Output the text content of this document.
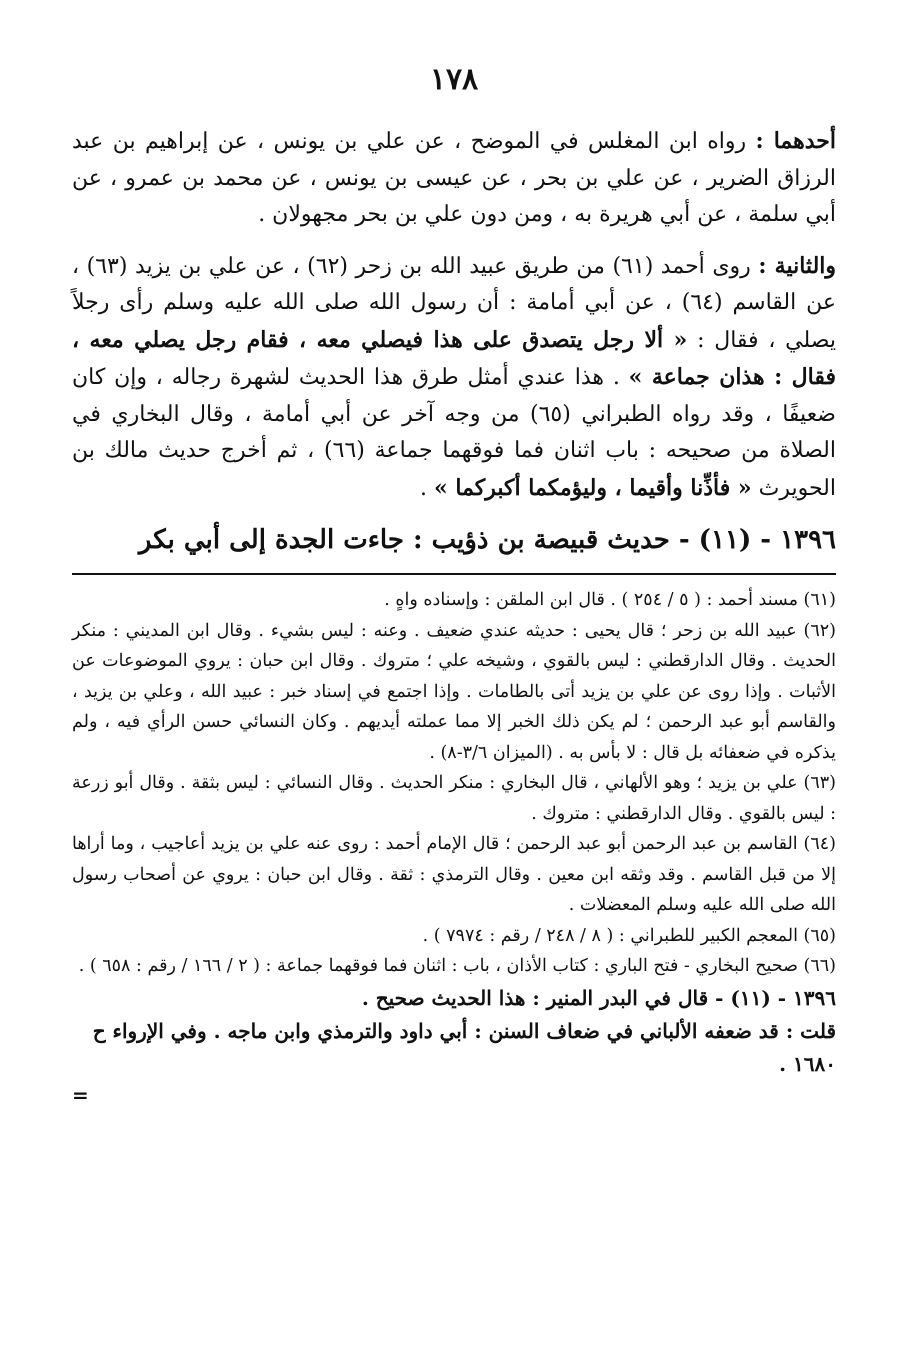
١٧٨

أحدهما : رواه ابن المغلس في الموضح ، عن علي بن يونس ، عن إبراهيم بن عبد الرزاق الضرير ، عن علي بن بحر ، عن عيسى بن يونس ، عن محمد بن عمرو ، عن أبي سلمة ، عن أبي هريرة به ، ومن دون علي بن بحر مجهولان .

والثانية : روى أحمد (٦١) من طريق عبيد الله بن زحر (٦٢) ، عن علي بن يزيد (٦٣) ، عن القاسم (٦٤) ، عن أبي أمامة : أن رسول الله صلى الله عليه وسلم رأى رجلاً يصلي ، فقال : « ألا رجل يتصدق على هذا فيصلي معه ، فقام رجل يصلي معه ، فقال : هذان جماعة » . هذا عندي أمثل طرق هذا الحديث لشهرة رجاله ، وإن كان ضعيفًا ، وقد رواه الطبراني (٦٥) من وجه آخر عن أبي أمامة ، وقال البخاري في الصلاة من صحيحه : باب اثنان فما فوقهما جماعة (٦٦) ، ثم أخرج حديث مالك بن الحويرث « فأذِّنا وأقيما ، وليؤمكما أكبركما » .

١٣٩٦ - (١١) - حديث قبيصة بن ذؤيب : جاءت الجدة إلى أبي بكر

(٦١) مسند أحمد : ( ٥ / ٢٥٤ ) . قال ابن الملقن : وإسناده واهٍ .

(٦٢) عبيد الله بن زحر ؛ قال يحيى : حديثه عندي ضعيف . وعنه : ليس بشيء . وقال ابن المديني : منكر الحديث . وقال الدارقطني : ليس بالقوي ، وشيخه علي ؛ متروك . وقال ابن حبان : يروي الموضوعات عن الأثبات . وإذا روى عن علي بن يزيد أتى بالطامات . وإذا اجتمع في إسناد خبر : عبيد الله ، وعلي بن يزيد ، والقاسم أبو عبد الرحمن ؛ لم يكن ذلك الخبر إلا مما عملته أيديهم . وكان النسائي حسن الرأي فيه ، ولم يذكره في ضعفائه بل قال : لا بأس به . (الميزان ٣/٦-٨) .

(٦٣) علي بن يزيد ؛ وهو الألهاني ، قال البخاري : منكر الحديث . وقال النسائي : ليس بثقة . وقال أبو زرعة : ليس بالقوي . وقال الدارقطني : متروك .

(٦٤) القاسم بن عبد الرحمن أبو عبد الرحمن ؛ قال الإمام أحمد : روى عنه علي بن يزيد أعاجيب ، وما أراها إلا من قبل القاسم . وقد وثقه ابن معين . وقال الترمذي : ثقة . وقال ابن حبان : يروي عن أصحاب رسول الله صلى الله عليه وسلم المعضلات .

(٦٥) المعجم الكبير للطبراني : ( ٨ / ٢٤٨ / رقم : ٧٩٧٤ ) .

(٦٦) صحيح البخاري - فتح الباري : كتاب الأذان ، باب : اثنان فما فوقهما جماعة : ( ٢ / ١٦٦ / رقم : ٦٥٨ ) .

١٣٩٦ - (١١) - قال في البدر المنير : هذا الحديث صحيح .

قلت : قد ضعفه الألباني في ضعاف السنن : أبي داود والترمذي وابن ماجه . وفي الإرواء ح ١٦٨٠ .

=
